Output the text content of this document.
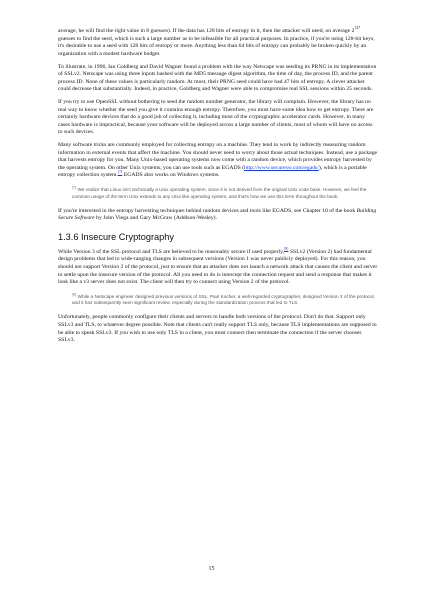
average, he will find the right value in 8 guesses). If the data has 128 bits of entropy in it, then the attacker will need, on average $2^{127}$ guesses to find the seed, which is such a large number as to be infeasible for all practical purposes. In practice, if you're using 128-bit keys, it's desirable to use a seed with 128 bits of entropy or more. Anything less than 64 bits of entropy can probably be broken quickly by an organization with a modest hardware budget.

To illustrate, in 1996, Ian Goldberg and David Wagner found a problem with the way Netscape was seeding its PRNG in its implementation of SSLv2. Netscape was using three inputs hashed with the MD5 message digest algorithm, the time of day, the process ID, and the parent process ID. None of these values is particularly random. At most, their PRNG seed could have had 47 bits of entropy. A clever attacker could decrease that substantially. Indeed, in practice, Goldberg and Wagner were able to compromise real SSL sessions within 25 seconds.

If you try to use OpenSSL without bothering to seed the random number generator, the library will complain. However, the library has no real way to know whether the seed you give it contains enough entropy. Therefore, you must have some idea how to get entropy. There are certainly hardware devices that do a good job of collecting it, including most of the cryptographic accelerator cards. However, in many cases hardware is impractical, because your software will be deployed across a large number of clients, most of whom will have no access to such devices.

Many software tricks are commonly employed for collecting entropy on a machine. They tend to work by indirectly measuring random information in external events that affect the machine. You should never need to worry about those actual techniques. Instead, use a package that harvests entropy for you. Many Unix-based operating systems now come with a random device, which provides entropy harvested by the operating system. On other Unix systems, you can use tools such as EGADS (http://www.securesw.com/egads/), which is a portable entropy collection system.[7] EGADS also works on Windows systems.

[7] We realize that Linux isn't technically a Unix operating system, since it is not derived from the original Unix code base. However, we feel the common usage of the term Unix extends to any Unix like operating system, and that's how we use this term throughout the book.

If you're interested in the entropy harvesting techniques behind random devices and tools like EGADS, see Chapter 10 of the book Building Secure Software by John Viega and Gary McGraw (Addison-Wesley).

1.3.6 Insecure Cryptography

While Version 3 of the SSL protocol and TLS are believed to be reasonably secure if used properly,[8] SSLv2 (Version 2) had fundamental design problems that led to wide-ranging changes in subsequent versions (Version 1 was never publicly deployed). For this reason, you should not support Version 2 of the protocol, just to ensure that an attacker does not launch a network attack that causes the client and server to settle upon the insecure version of the protocol. All you need to do is intercept the connection request and send a response that makes it look like a v3 server does not exist. The client will then try to connect using Version 2 of the protocol.

[8] While a Netscape engineer designed previous versions of SSL, Paul Kocher, a well-regarded cryptographer, designed Version 3 of the protocol, and it has subsequently seen significant review, especially during the standardization process that led to TLS.

Unfortunately, people commonly configure their clients and servers to handle both versions of the protocol. Don't do that. Support only SSLv3 and TLS, to whatever degree possible. Note that clients can't really support TLS only, because TLS implementations are supposed to be able to speak SSLv3. If you wish to use only TLS in a client, you must connect then terminate the connection if the server chooses SSLv3.

15
